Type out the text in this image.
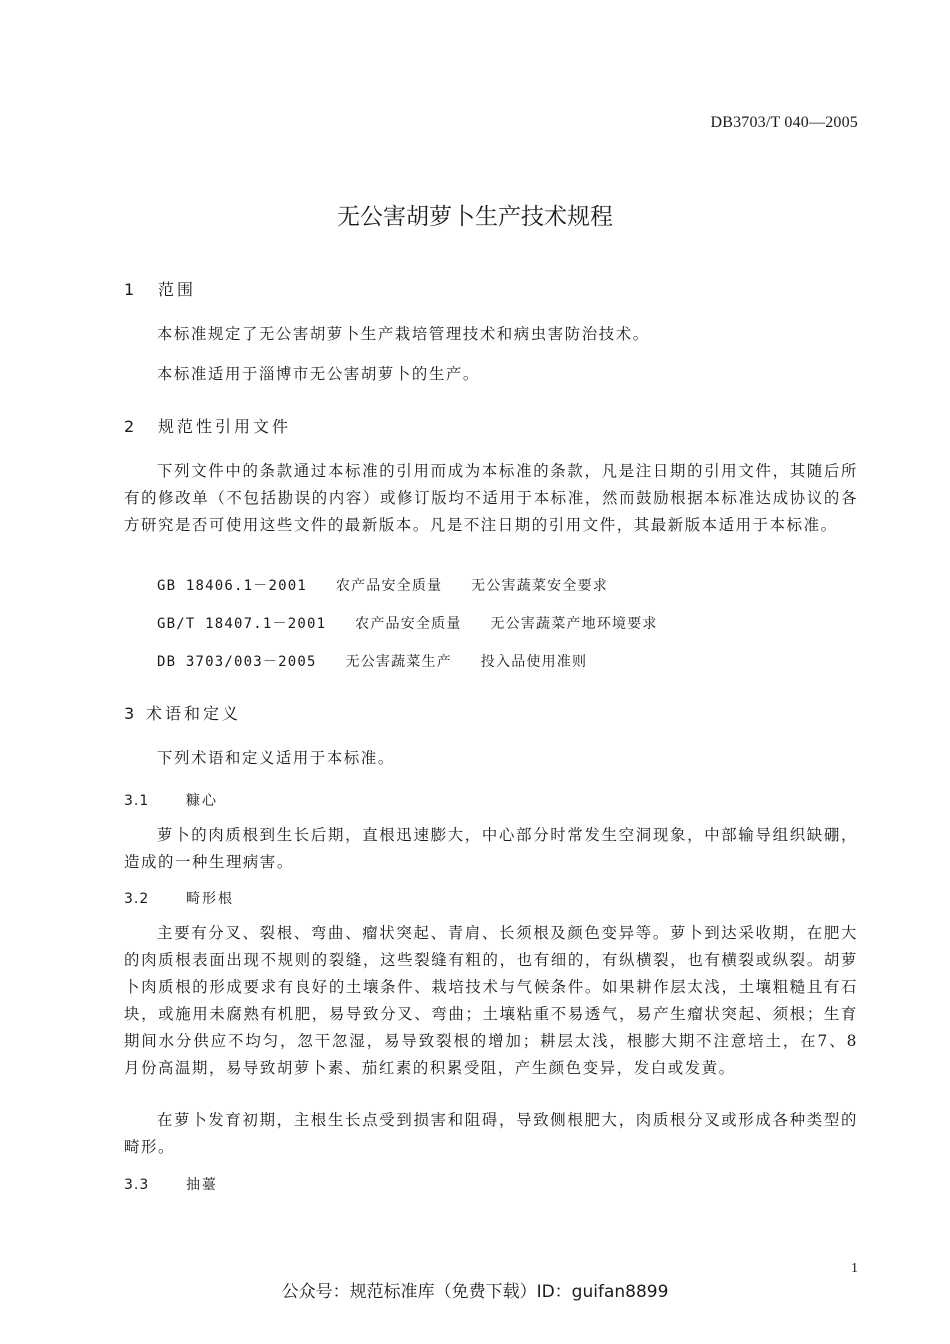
DB3703/T 040—2005
无公害胡萝卜生产技术规程
1 范围

本标准规定了无公害胡萝卜生产栽培管理技术和病虫害防治技术。

本标准适用于淄博市无公害胡萝卜的生产。

2 规范性引用文件

下列文件中的条款通过本标准的引用而成为本标准的条款，凡是注日期的引用文件，其随后所有的修改单（不包括勘误的内容）或修订版均不适用于本标准，然而鼓励根据本标准达成协议的各方研究是否可使用这些文件的最新版本。凡是不注日期的引用文件，其最新版本适用于本标准。

GB 18406.1－2001   农产品安全质量   无公害蔬菜安全要求
GB/T 18407.1－2001   农产品安全质量   无公害蔬菜产地环境要求
DB 3703/003－2005   无公害蔬菜生产   投入品使用准则
3 术语和定义

下列术语和定义适用于本标准。

3.1	糠心

萝卜的肉质根到生长后期，直根迅速膨大，中心部分时常发生空洞现象，中部输导组织缺硼，造成的一种生理病害。

3.2	畸形根

主要有分叉、裂根、弯曲、瘤状突起、青肩、长须根及颜色变异等。萝卜到达采收期，在肥大的肉质根表面出现不规则的裂缝，这些裂缝有粗的，也有细的，有纵横裂，也有横裂或纵裂。胡萝卜肉质根的形成要求有良好的土壤条件、栽培技术与气候条件。如果耕作层太浅，土壤粗糙且有石块，或施用未腐熟有机肥，易导致分叉、弯曲；土壤粘重不易透气，易产生瘤状突起、须根；生育期间水分供应不均匀，忽干忽湿，易导致裂根的增加；耕层太浅，根膨大期不注意培土，在7、8月份高温期，易导致胡萝卜素、茄红素的积累受阻，产生颜色变异，发白或发黄。

在萝卜发育初期，主根生长点受到损害和阻碍，导致侧根肥大，肉质根分叉或形成各种类型的畸形。

3.3	抽薹
1
公众号：规范标准库（免费下载）ID：guifan8899
